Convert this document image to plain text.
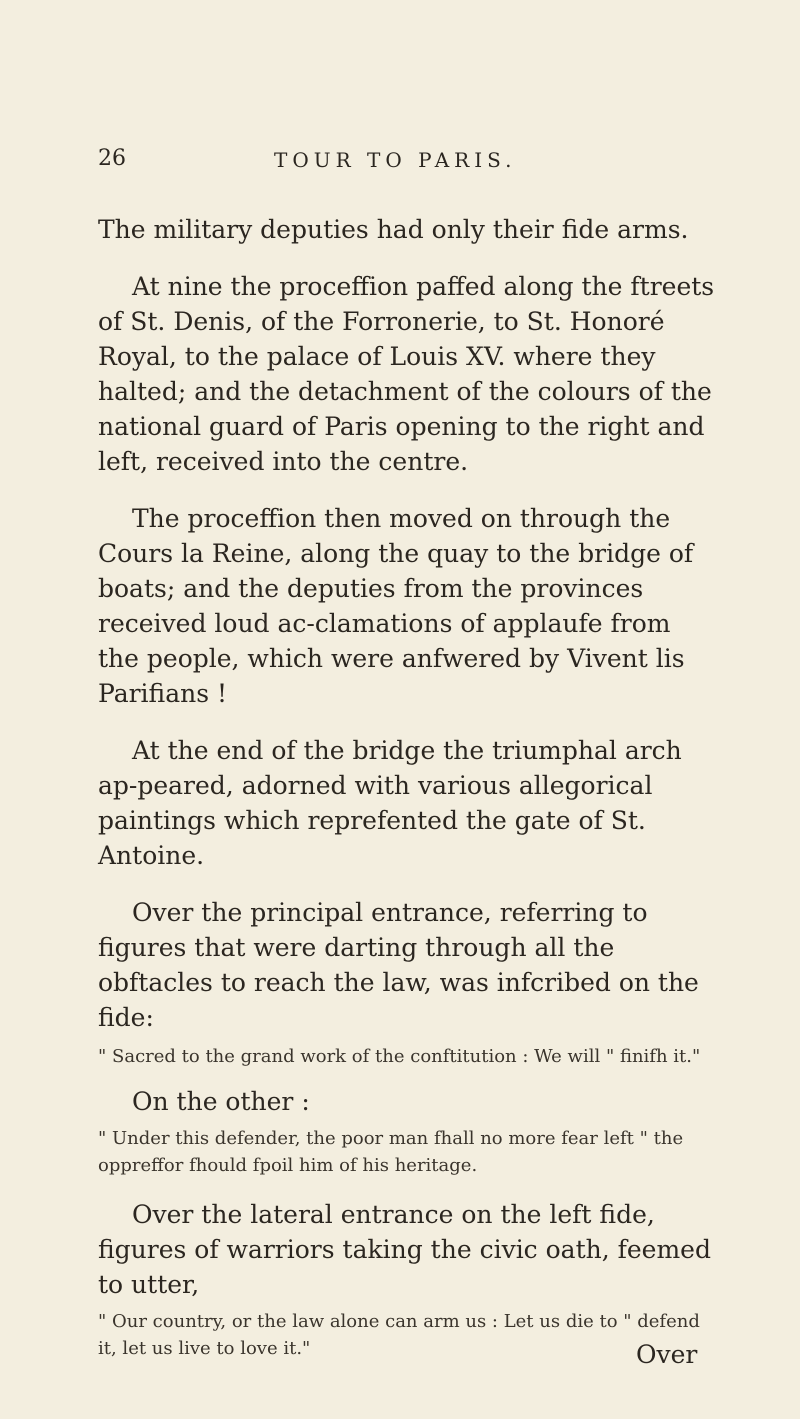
26	TOUR TO PARIS.

The military deputies had only their fide arms.

At nine the proceffion paffed along the ftreets of St. Denis, of the Forronerie, to St. Honoré Royal, to the palace of Louis XV. where they halted; and the detachment of the colours of the national guard of Paris opening to the right and left, received into the centre.

The proceffion then moved on through the Cours la Reine, along the quay to the bridge of boats; and the deputies from the provinces received loud ac-clamations of applaufe from the people, which were anfwered by Vivent lis Parifians !

At the end of the bridge the triumphal arch ap-peared, adorned with various allegorical paintings which reprefented the gate of St. Antoine.

Over the principal entrance, referring to figures that were darting through all the obftacles to reach the law, was infcribed on the fide:

" Sacred to the grand work of the conftitution : We will " finifh it."

On the other :

" Under this defender, the poor man fhall no more fear left " the oppreffor fhould fpoil him of his heritage.

Over the lateral entrance on the left fide, figures of warriors taking the civic oath, feemed to utter,

" Our country, or the law alone can arm us : Let us die to " defend it, let us live to love it."	Over
